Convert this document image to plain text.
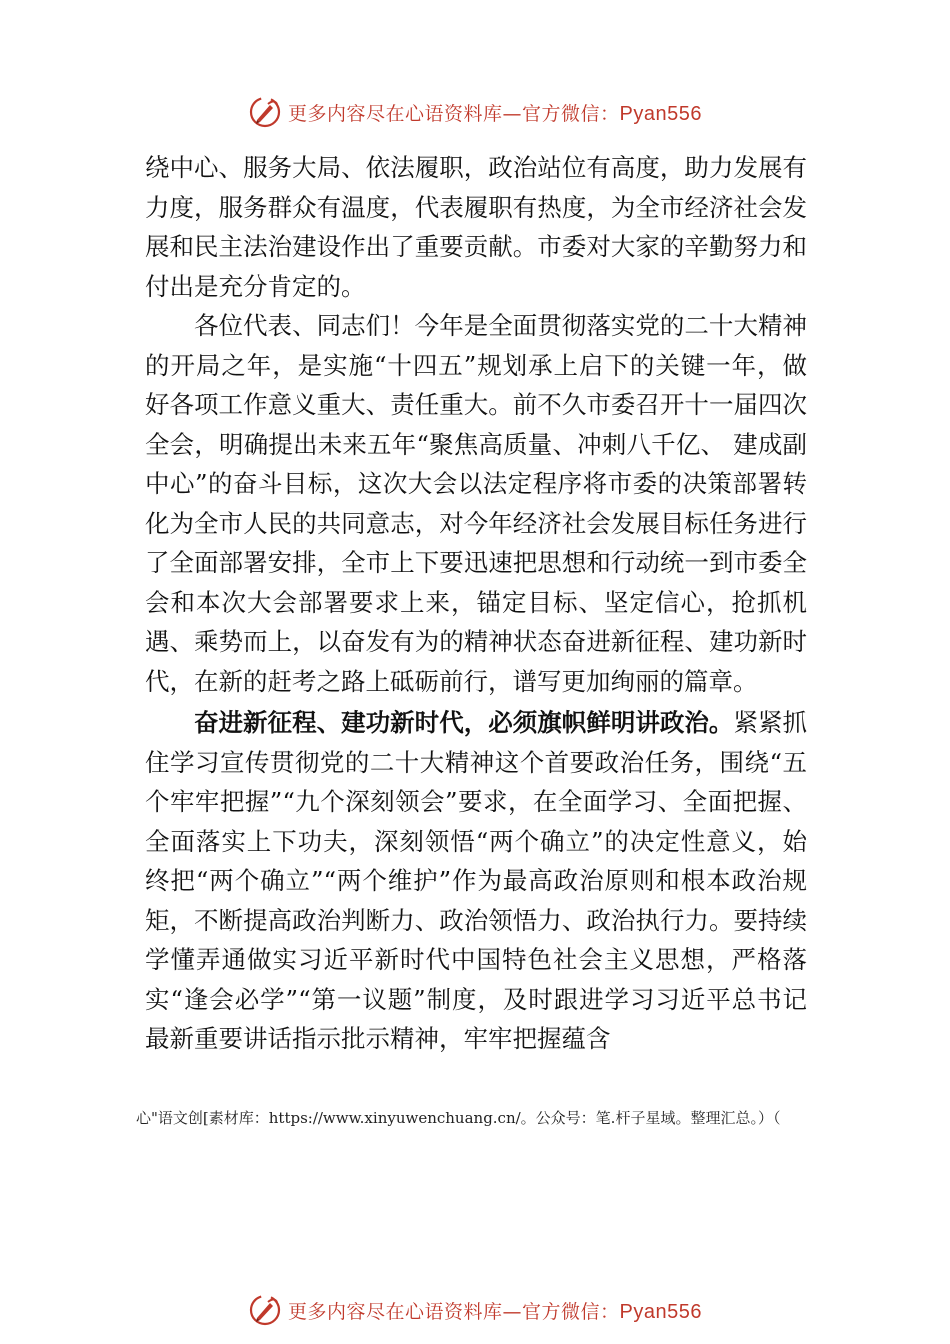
更多内容尽在心语资料库—官方微信：Pyan556

绕中心、服务大局、依法履职，政治站位有高度，助力发展有力度，服务群众有温度，代表履职有热度，为全市经济社会发展和民主法治建设作出了重要贡献。市委对大家的辛勤努力和付出是充分肯定的。

各位代表、同志们！今年是全面贯彻落实党的二十大精神的开局之年，是实施“十四五”规划承上启下的关键一年，做好各项工作意义重大、责任重大。前不久市委召开十一届四次全会，明确提出未来五年“聚焦高质量、冲刺八千亿、 建成副中心”的奋斗目标，这次大会以法定程序将市委的决策部署转化为全市人民的共同意志，对今年经济社会发展目标任务进行了全面部署安排，全市上下要迅速把思想和行动统一到市委全会和本次大会部署要求上来，锚定目标、坚定信心，抢抓机遇、乘势而上，以奋发有为的精神状态奋进新征程、建功新时代，在新的赶考之路上砥砺前行，谱写更加绚丽的篇章。

奋进新征程、建功新时代，必须旗帜鲜明讲政治。紧紧抓住学习宣传贯彻党的二十大精神这个首要政治任务，围绕“五个牢牢把握”“九个深刻领会”要求，在全面学习、全面把握、全面落实上下功夫，深刻领悟“两个确立”的决定性意义，始终把“两个确立”“两个维护”作为最高政治原则和根本政治规矩，不断提高政治判断力、政治领悟力、政治执行力。要持续学懂弄通做实习近平新时代中国特色社会主义思想，严格落实“逢会必学”“第一议题”制度，及时跟进学习习近平总书记最新重要讲话指示批示精神，牢牢把握蕴含

心"语文创[素材库：https://www.xinyuwenchuang.cn/。公众号：笔.杆子星域。整理汇总。）（
更多内容尽在心语资料库—官方微信：Pyan556
